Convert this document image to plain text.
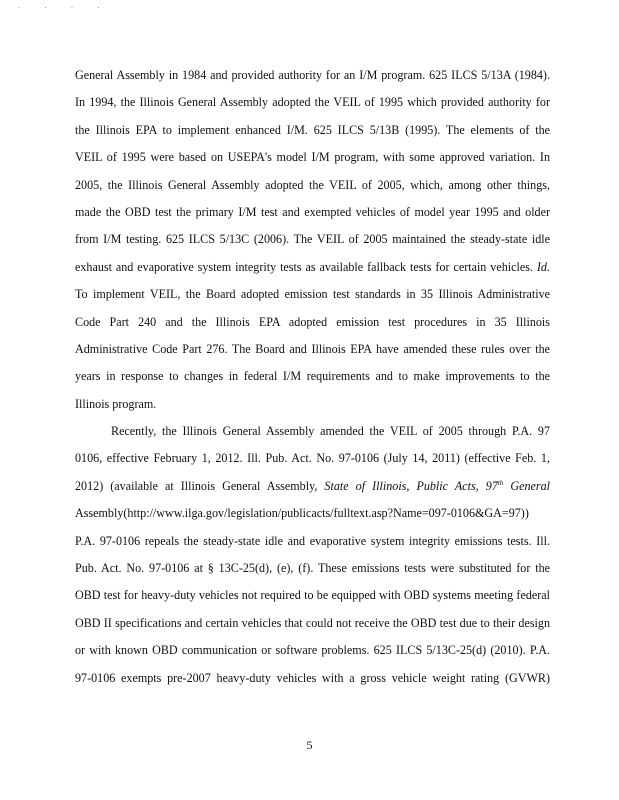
· · · ·
General Assembly in 1984 and provided authority for an I/M program. 625 ILCS 5/13A (1984).
In 1994, the Illinois General Assembly adopted the VEIL of 1995 which provided authority for
the Illinois EPA to implement enhanced I/M. 625 ILCS 5/13B (1995). The elements of the
VEIL of 1995 were based on USEPA's model I/M program, with some approved variation. In
2005, the Illinois General Assembly adopted the VEIL of 2005, which, among other things,
made the OBD test the primary I/M test and exempted vehicles of model year 1995 and older
from I/M testing. 625 ILCS 5/13C (2006). The VEIL of 2005 maintained the steady-state idle
exhaust and evaporative system integrity tests as available fallback tests for certain vehicles. Id.
To implement VEIL, the Board adopted emission test standards in 35 Illinois Administrative
Code Part 240 and the Illinois EPA adopted emission test procedures in 35 Illinois
Administrative Code Part 276. The Board and Illinois EPA have amended these rules over the
years in response to changes in federal I/M requirements and to make improvements to the
Illinois program.
Recently, the Illinois General Assembly amended the VEIL of 2005 through P.A. 97
0106, effective February 1, 2012. Ill. Pub. Act. No. 97-0106 (July 14, 2011) (effective Feb. 1,
2012) (available at Illinois General Assembly, State of Illinois, Public Acts, 97th General
Assembly(http://www.ilga.gov/legislation/publicacts/fulltext.asp?Name=097-0106&GA=97))
P.A. 97-0106 repeals the steady-state idle and evaporative system integrity emissions tests. Ill.
Pub. Act. No. 97-0106 at § 13C-25(d), (e), (f). These emissions tests were substituted for the
OBD test for heavy-duty vehicles not required to be equipped with OBD systems meeting federal
OBD II specifications and certain vehicles that could not receive the OBD test due to their design
or with known OBD communication or software problems. 625 ILCS 5/13C-25(d) (2010). P.A.
97-0106 exempts pre-2007 heavy-duty vehicles with a gross vehicle weight rating (GVWR)
5
